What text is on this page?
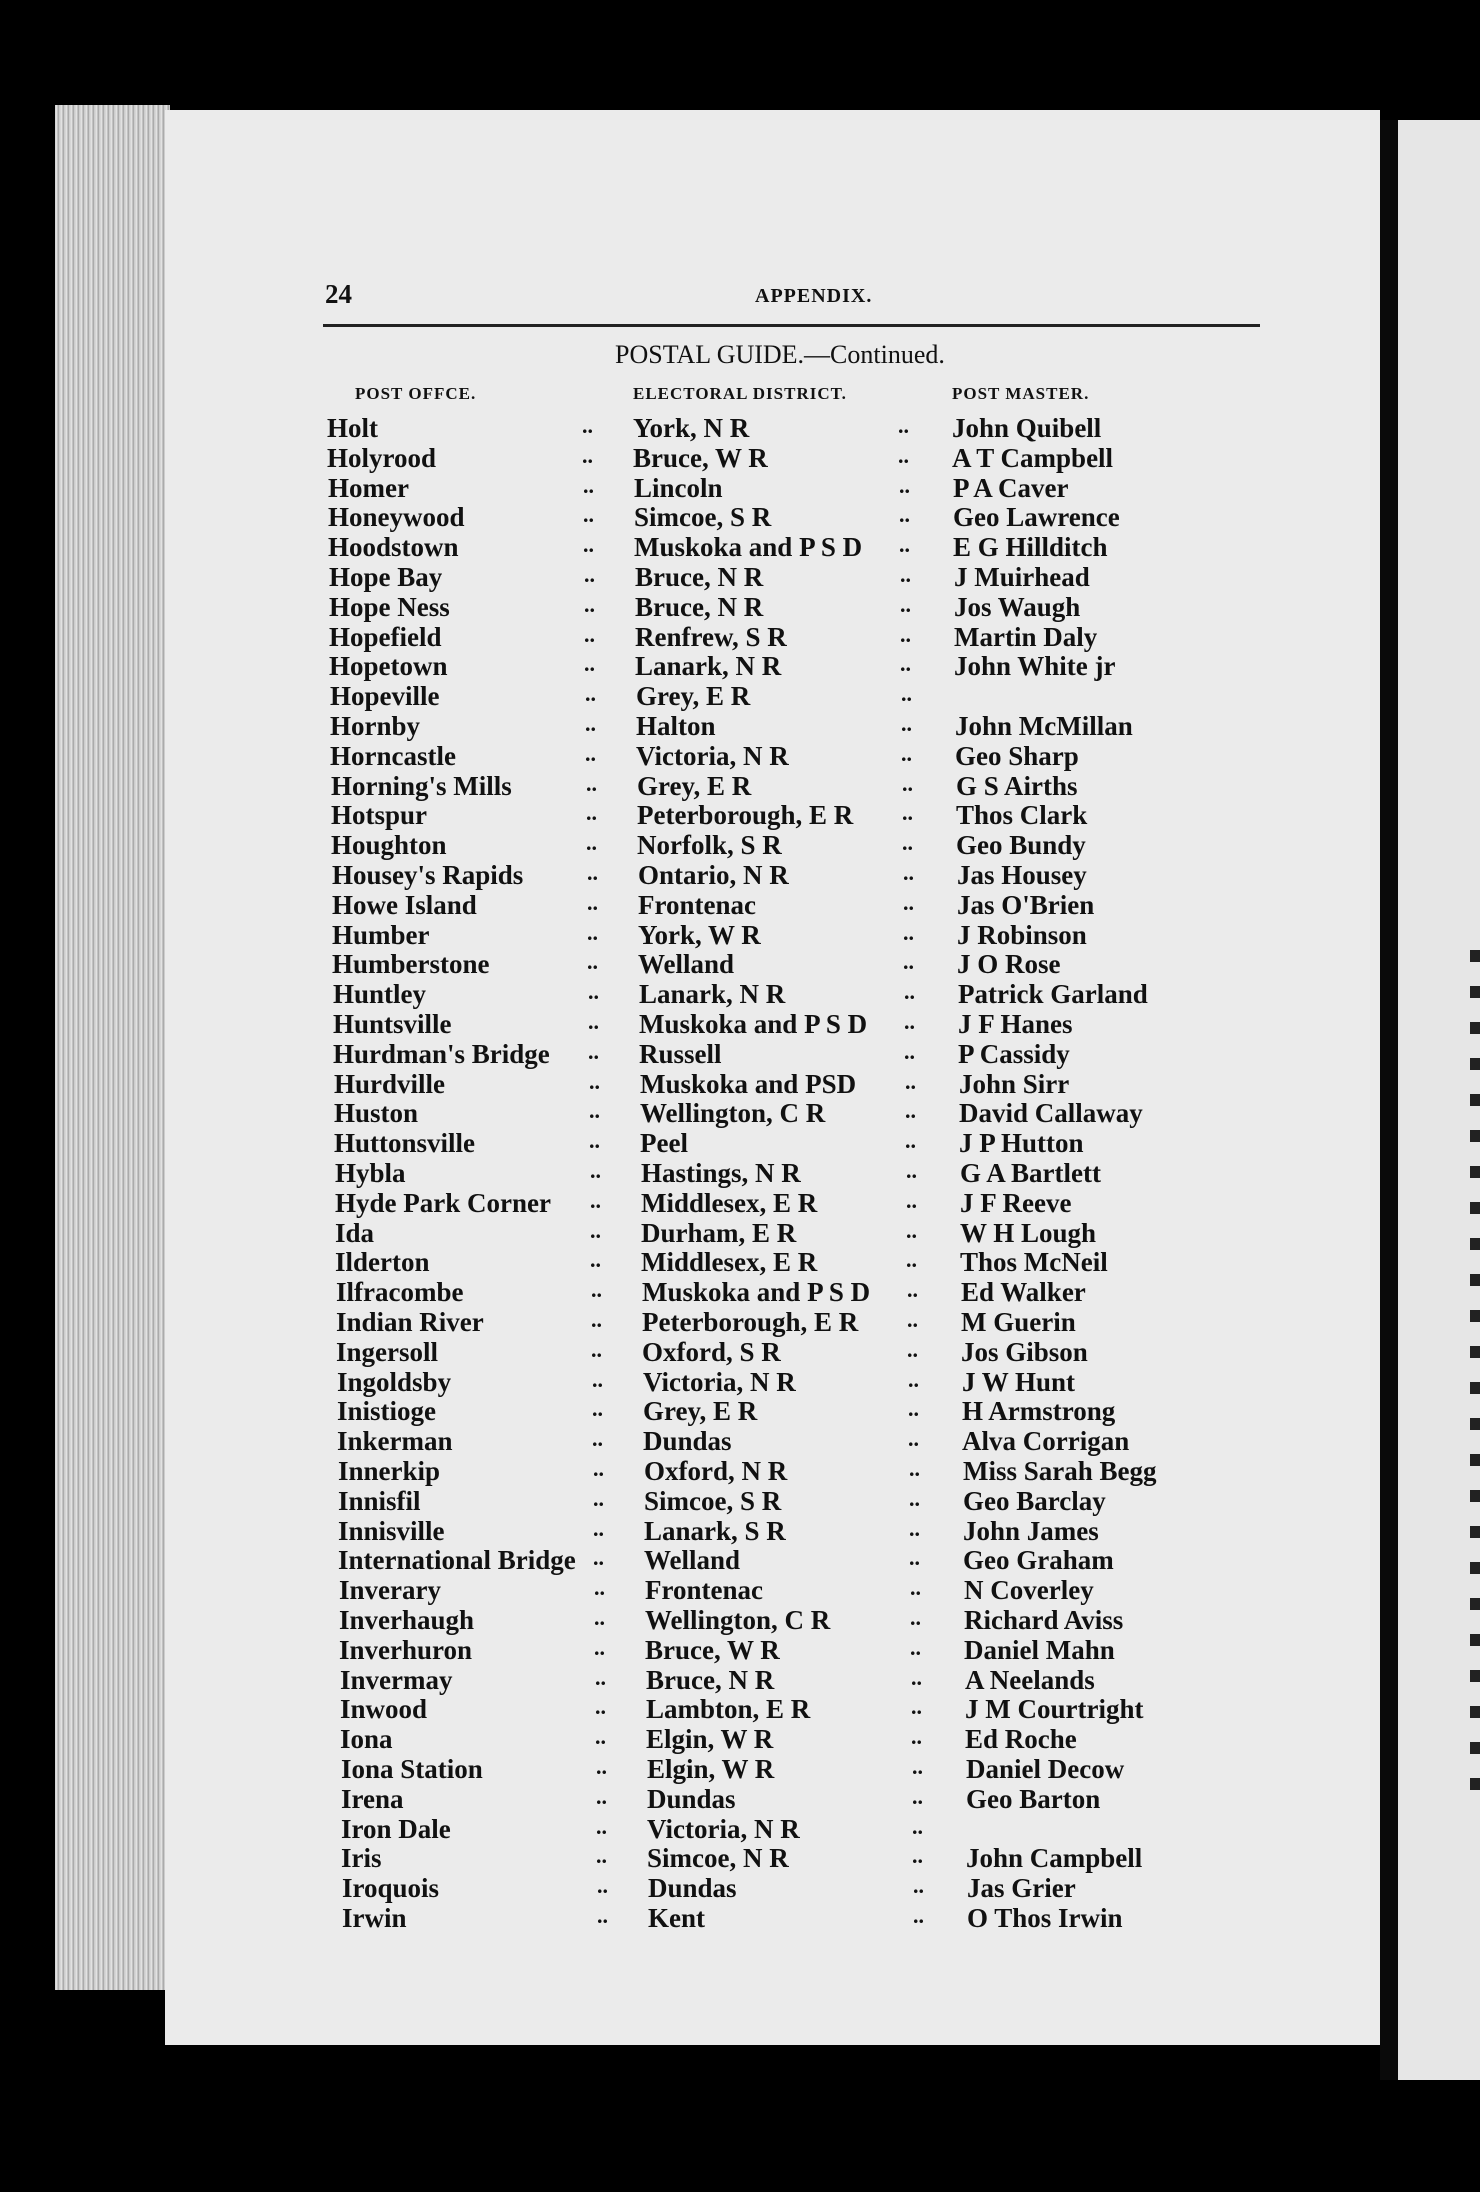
24	APPENDIX.
POSTAL GUIDE.—Continued.
POST OFFCE.	ELECTORAL DISTRICT.	POST MASTER.
Holt	.. York, N R	.. John Quibell
Holyrood	.. Bruce, W R	.. A T Campbell
Homer	.. Lincoln	.. P A Caver
Honeywood	.. Simcoe, S R	.. Geo Lawrence
Hoodstown	.. Muskoka and P S D .. E G Hillditch
Hope Bay	.. Bruce, N R	.. J Muirhead
Hope Ness	.. Bruce, N R	.. Jos Waugh
Hopefield	.. Renfrew, S R	.. Martin Daly
Hopetown	.. Lanark, N R	.. John White jr
Hopeville	.. Grey, E R	..
Hornby	.. Halton	.. John McMillan
Horncastle	.. Victoria, N R	.. Geo Sharp
Horning's Mills	.. Grey, E R	.. G S Airths
Hotspur	.. Peterborough, E R .. Thos Clark
Houghton	.. Norfolk, S R	.. Geo Bundy
Housey's Rapids	.. Ontario, N R	.. Jas Housey
Howe Island	.. Frontenac	.. Jas O'Brien
Humber	.. York, W R	.. J Robinson
Humberstone	.. Welland	.. J O Rose
Huntley	.. Lanark, N R	.. Patrick Garland
Huntsville	.. Muskoka and P S D .. J F Hanes
Hurdman's Bridge .. Russell	.. P Cassidy
Hurdville	.. Muskoka and PSD .. John Sirr
Huston	.. Wellington, C R	.. David Callaway
Huttonsville	.. Peel	.. J P Hutton
Hybla	.. Hastings, N R	.. G A Bartlett
Hyde Park Corner .. Middlesex, E R	.. J F Reeve
Ida	.. Durham, E R	.. W H Lough
Ilderton	.. Middlesex, E R	.. Thos McNeil
Ilfracombe	.. Muskoka and P S D .. Ed Walker
Indian River	.. Peterborough, E R .. M Guerin
Ingersoll	.. Oxford, S R	.. Jos Gibson
Ingoldsby	.. Victoria, N R	.. J W Hunt
Inistioge	.. Grey, E R	.. H Armstrong
Inkerman	.. Dundas	.. Alva Corrigan
Innerkip	.. Oxford, N R	.. Miss Sarah Begg
Innisfil	.. Simcoe, S R	.. Geo Barclay
Innisville	.. Lanark, S R	.. John James
International Bridge .. Welland	.. Geo Graham
Inverary	.. Frontenac	.. N Coverley
Inverhaugh	.. Wellington, C R	.. Richard Aviss
Inverhuron	.. Bruce, W R	.. Daniel Mahn
Invermay	.. Bruce, N R	.. A Neelands
Inwood	.. Lambton, E R	.. J M Courtright
Iona	.. Elgin, W R	.. Ed Roche
Iona Station	.. Elgin, W R	.. Daniel Decow
Irena	.. Dundas	.. Geo Barton
Iron Dale	.. Victoria, N R	..
Iris	.. Simcoe, N R	.. John Campbell
Iroquois	.. Dundas	.. Jas Grier
Irwin	.. Kent	.. O Thos Irwin
